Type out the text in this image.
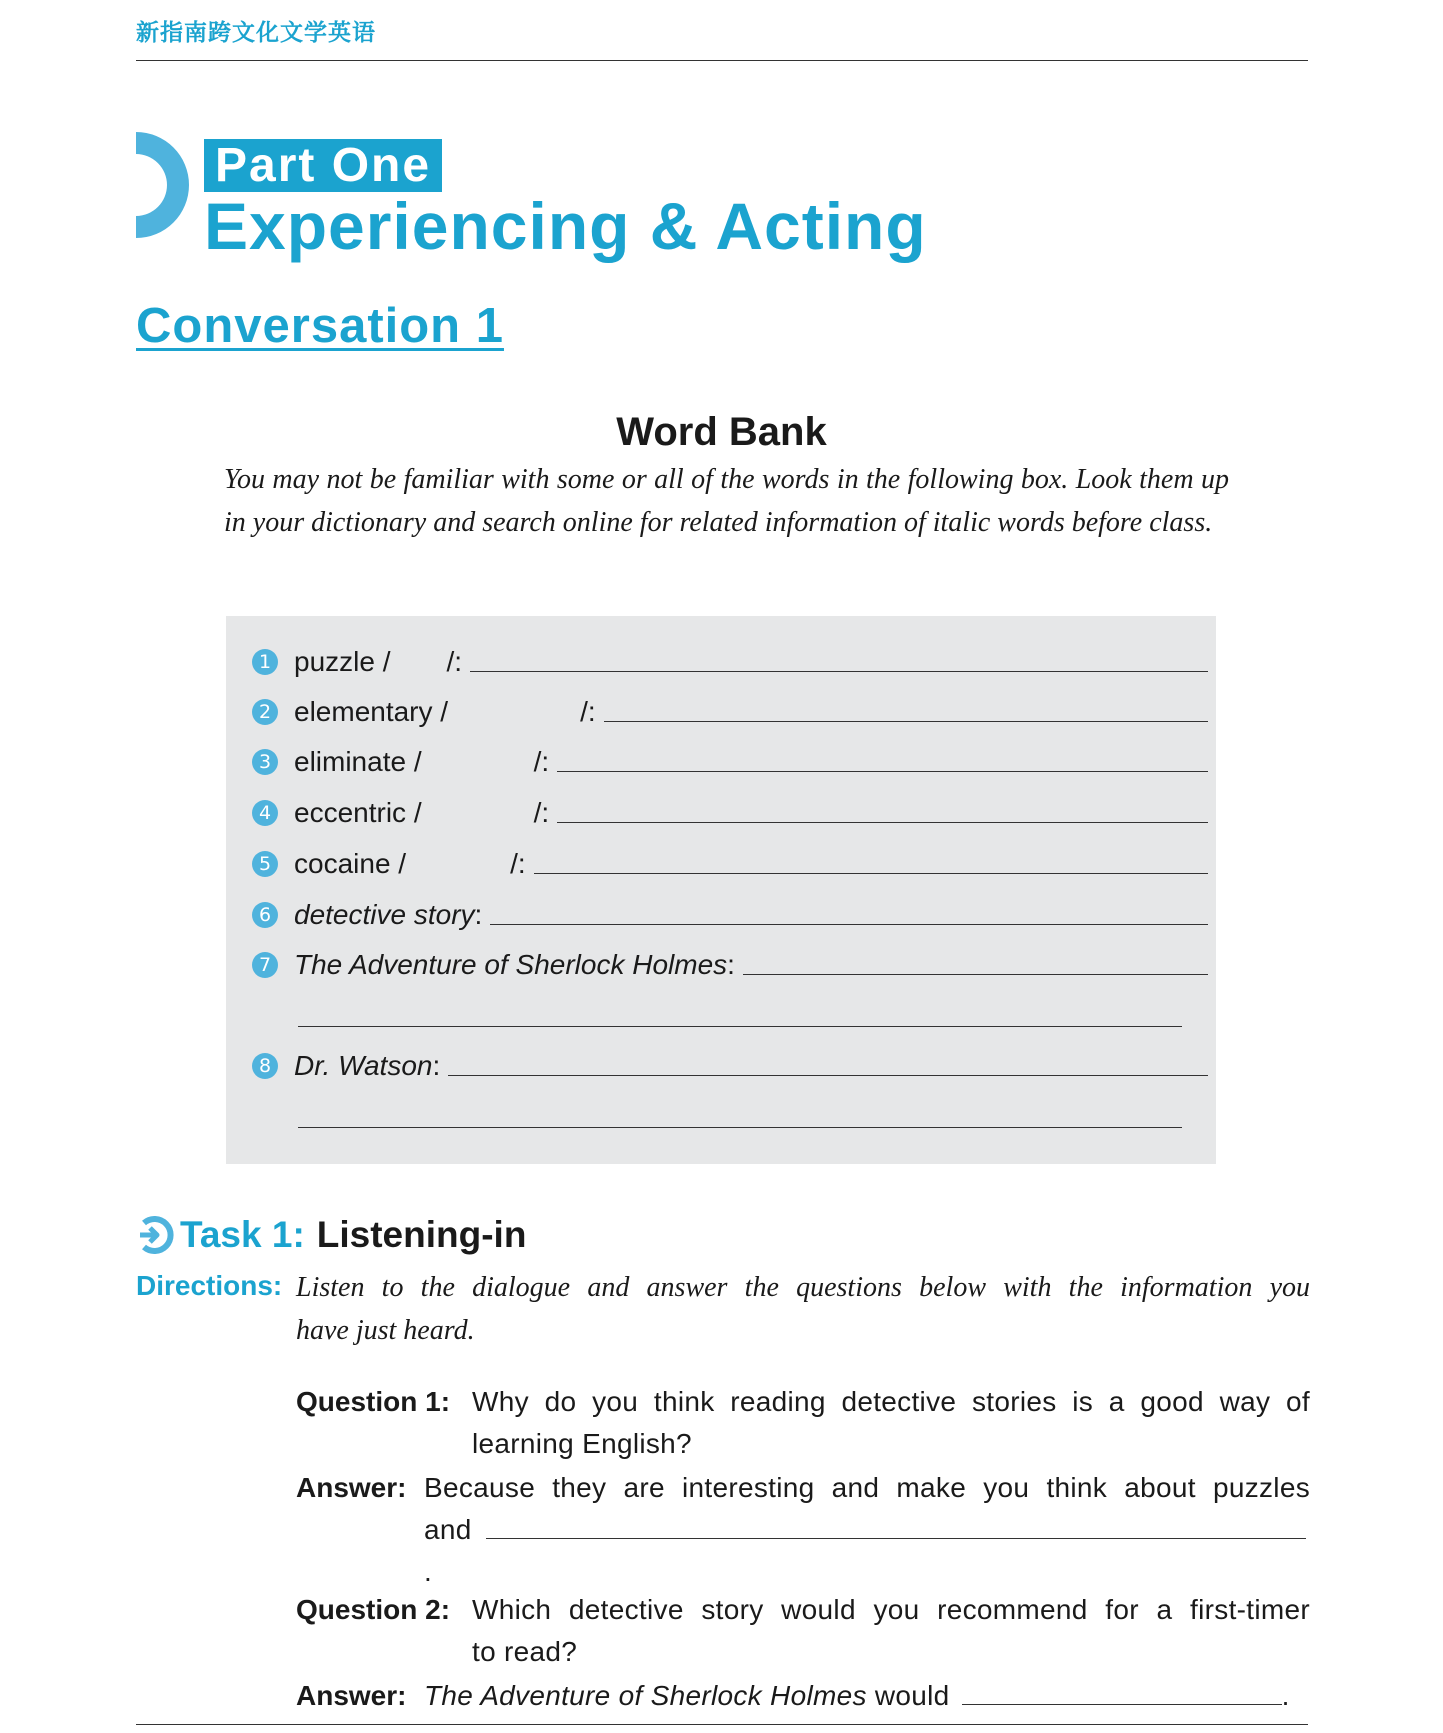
新指南跨文化文学英语
Part One
Experiencing & Acting
Conversation 1
Word Bank
You may not be familiar with some or all of the words in the following box. Look them up in your dictionary and search online for related information of italic words before class.
1 puzzle / /:
2 elementary /	/:
3 eliminate /	/:
4 eccentric /	/:
5 cocaine /	/:
6 detective story :
7 The Adventure of Sherlock Holmes :
8 Dr. Watson :
Task 1: Listening-in
Directions: Listen to the dialogue and answer the questions below with the information you
have just heard.
Question 1: Why do you think reading detective stories is a good way of
learning English?
Answer: Because they are interesting and make you think about puzzles
and .
Question 2: Which detective story would you recommend for a first-timer
to read?
Answer: The Adventure of Sherlock Holmes would	.
